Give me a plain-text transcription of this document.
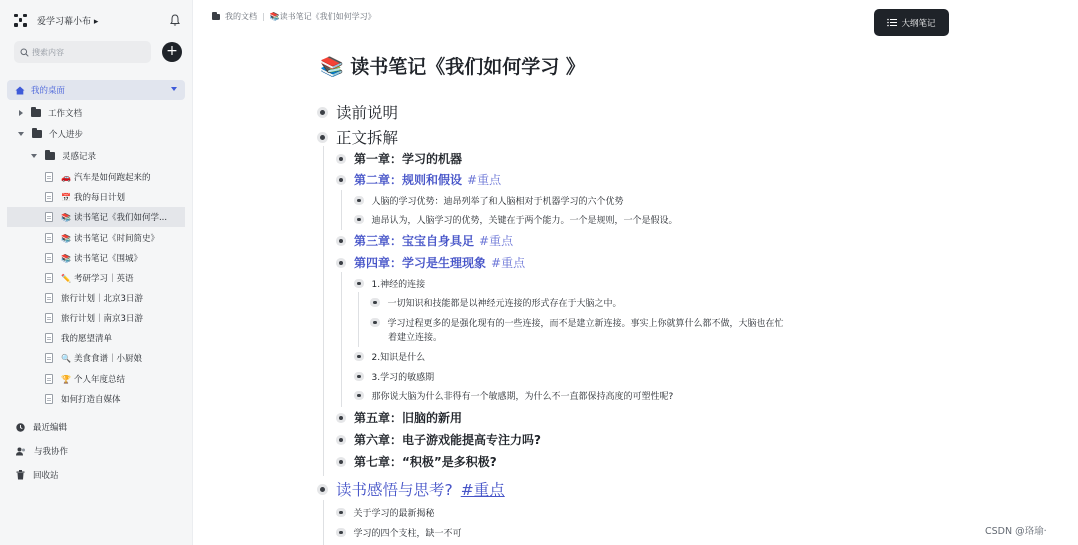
爱学习幕小布 ▸
搜索内容
+
我的桌面
工作文档
个人进步
灵感记录
🚗 汽车是如何跑起来的
📅 我的每日计划
📚 读书笔记《我们如何学...
📚 读书笔记《时间简史》
📚 读书笔记《围城》
✏️ 考研学习｜英语
旅行计划｜北京3日游
旅行计划｜南京3日游
我的愿望清单
🔍 美食食谱｜小厨娘
🏆 个人年度总结
如何打造自媒体
最近编辑
与我协作
回收站
我的文档 | 📚读书笔记《我们如何学习》
大纲笔记
📚 读书笔记《我们如何学习 》
读前说明
正文拆解
第一章：学习的机器
第二章：规则和假设 #重点
人脑的学习优势：迪昂列举了和人脑相对于机器学习的六个优势
迪昂认为，人脑学习的优势，关键在于两个能力。一个是规则，一个是假设。
第三章：宝宝自身具足 #重点
第四章：学习是生理现象 #重点
1.神经的连接
一切知识和技能都是以神经元连接的形式存在于大脑之中。
学习过程更多的是强化现有的一些连接，而不是建立新连接。事实上你就算什么都不做，大脑也在忙
着建立连接。
2.知识是什么
3.学习的敏感期
那你说大脑为什么非得有一个敏感期，为什么不一直都保持高度的可塑性呢?
第五章：旧脑的新用
第六章：电子游戏能提高专注力吗?
第七章：“积极”是多积极?
读书感悟与思考? #重点
关于学习的最新揭秘
学习的四个支柱，缺一不可	CSDN @珞瑜·
